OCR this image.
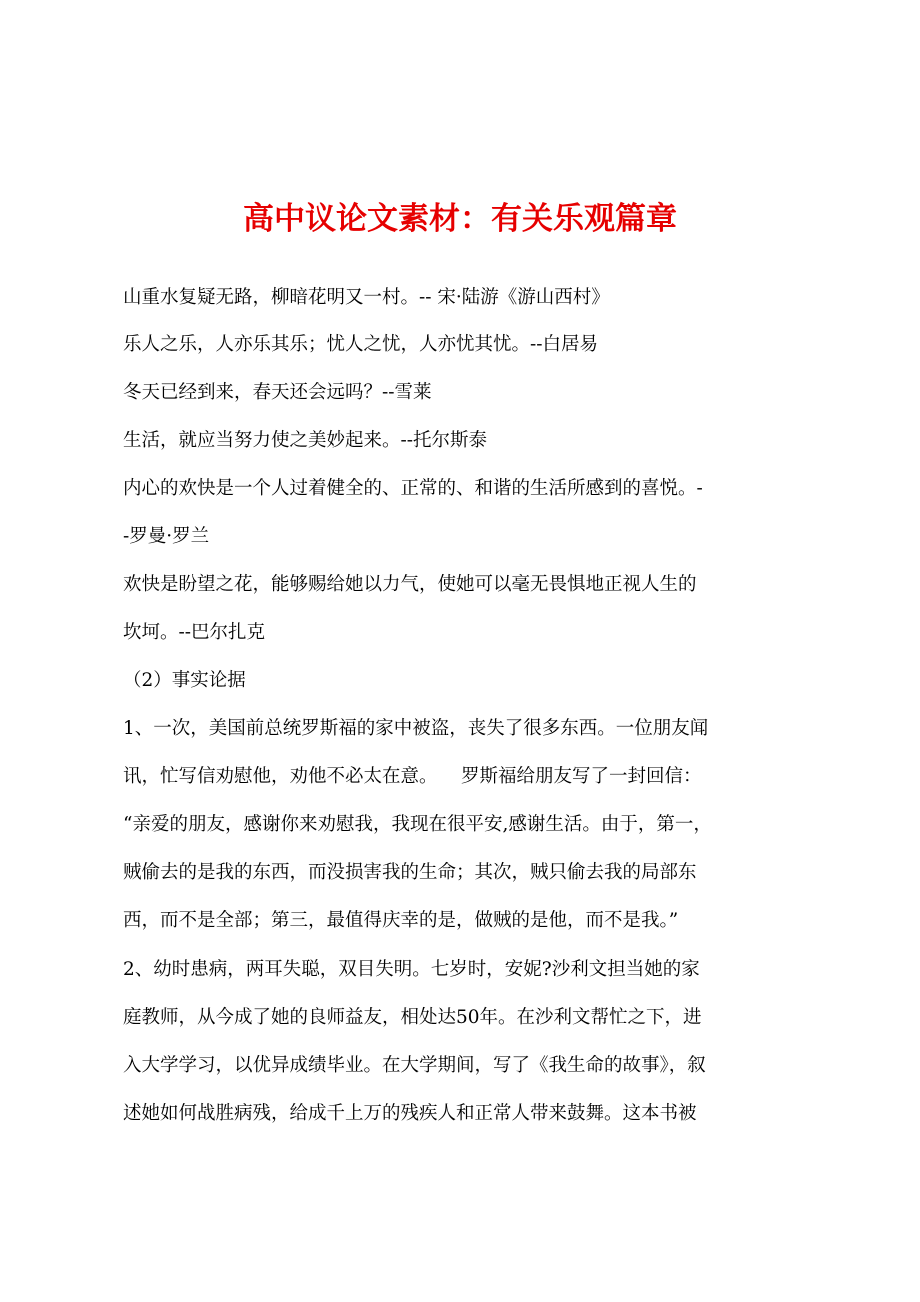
高中议论文素材：有关乐观篇章
山重水复疑无路，柳暗花明又一村。-- 宋·陆游《游山西村》
乐人之乐，人亦乐其乐；忧人之忧，人亦忧其忧。--白居易
冬天已经到来，春天还会远吗？--雪莱
生活，就应当努力使之美妙起来。--托尔斯泰
内心的欢快是一个人过着健全的、正常的、和谐的生活所感到的喜悦。-
-罗曼·罗兰
欢快是盼望之花，能够赐给她以力气，使她可以毫无畏惧地正视人生的
坎坷。--巴尔扎克
（2）事实论据
1、一次，美国前总统罗斯福的家中被盗，丧失了很多东西。一位朋友闻
讯，忙写信劝慰他，劝他不必太在意。    罗斯福给朋友写了一封回信：
“亲爱的朋友，感谢你来劝慰我，我现在很平安,感谢生活。由于，第一，
贼偷去的是我的东西，而没损害我的生命；其次，贼只偷去我的局部东
西，而不是全部；第三，最值得庆幸的是，做贼的是他，而不是我。”
2、幼时患病，两耳失聪，双目失明。七岁时，安妮?沙利文担当她的家
庭教师，从今成了她的良师益友，相处达50年。在沙利文帮忙之下，进
入大学学习，以优异成绩毕业。在大学期间，写了《我生命的故事》，叙
述她如何战胜病残，给成千上万的残疾人和正常人带来鼓舞。这本书被
